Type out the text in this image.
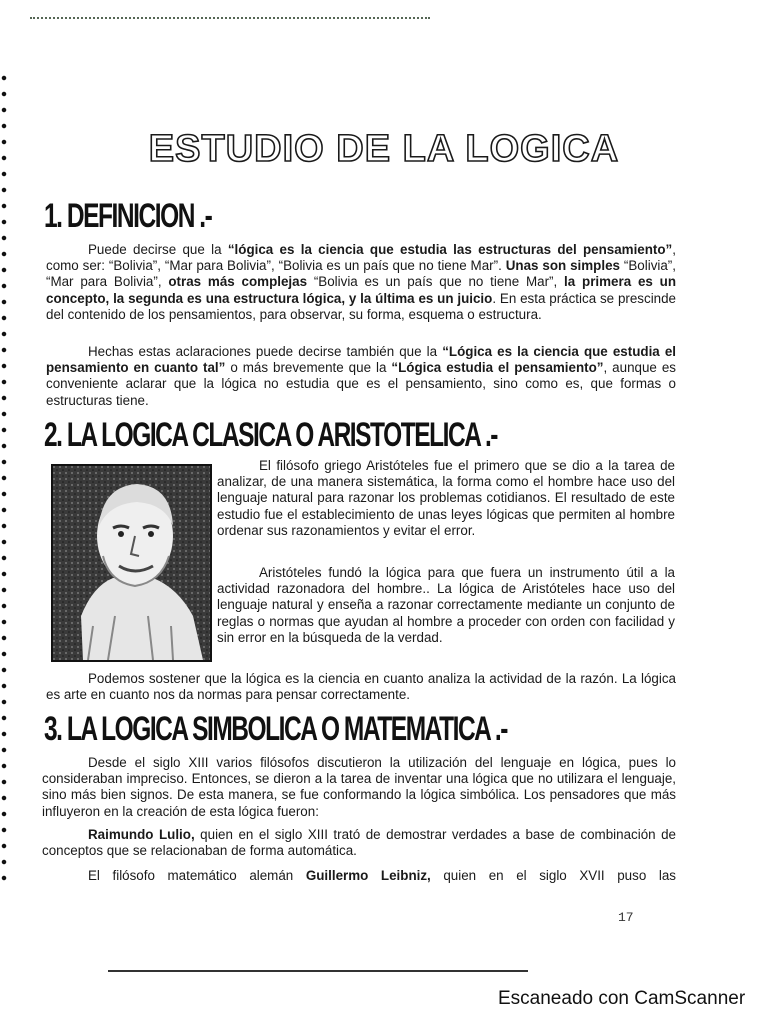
ESTUDIO DE LA LOGICA
1. DEFINICION .-
Puede decirse que la “lógica es la ciencia que estudia las estructuras del pensamiento”, como ser: “Bolivia”, “Mar para Bolivia”, “Bolivia es un país que no tiene Mar”. Unas son simples “Bolivia”, “Mar para Bolivia”, otras más complejas “Bolivia es un país que no tiene Mar”, la primera es un concepto, la segunda es una estructura lógica, y la última es un juicio. En esta práctica se prescinde del contenido de los pensamientos, para observar, su forma, esquema o estructura.
Hechas estas aclaraciones puede decirse también que la “Lógica es la ciencia que estudia el pensamiento en cuanto tal” o más brevemente que la “Lógica estudia el pensamiento”, aunque es conveniente aclarar que la lógica no estudia que es el pensamiento, sino como es, que formas o estructuras tiene.
2. LA LOGICA CLASICA O ARISTOTELICA .-
El filósofo griego Aristóteles fue el primero que se dio a la tarea de analizar, de una manera sistemática, la forma como el hombre hace uso del lenguaje natural para razonar los problemas cotidianos. El resultado de este estudio fue el establecimiento de unas leyes lógicas que permiten al hombre ordenar sus razonamientos y evitar el error.
Aristóteles fundó la lógica para que fuera un instrumento útil a la actividad razonadora del hombre.. La lógica de Aristóteles hace uso del lenguaje natural y enseña a razonar correctamente mediante un conjunto de reglas o normas que ayudan al hombre a proceder con orden con facilidad y sin error en la búsqueda de la verdad.
Podemos sostener que la lógica es la ciencia en cuanto analiza la actividad de la razón. La lógica es arte en cuanto nos da normas para pensar correctamente.
3. LA LOGICA SIMBOLICA O MATEMATICA .-
Desde el siglo XIII varios filósofos discutieron la utilización del lenguaje en lógica, pues lo consideraban impreciso. Entonces, se dieron a la tarea de inventar una lógica que no utilizara el lenguaje, sino más bien signos. De esta manera, se fue conformando la lógica simbólica. Los pensadores que más influyeron en la creación de esta lógica fueron:
Raimundo Lulio, quien en el siglo XIII trató de demostrar verdades a base de combinación de conceptos que se relacionaban de forma automática.
El filósofo matemático alemán Guillermo Leibniz, quien en el siglo XVII puso las
17
Escaneado con CamScanner
